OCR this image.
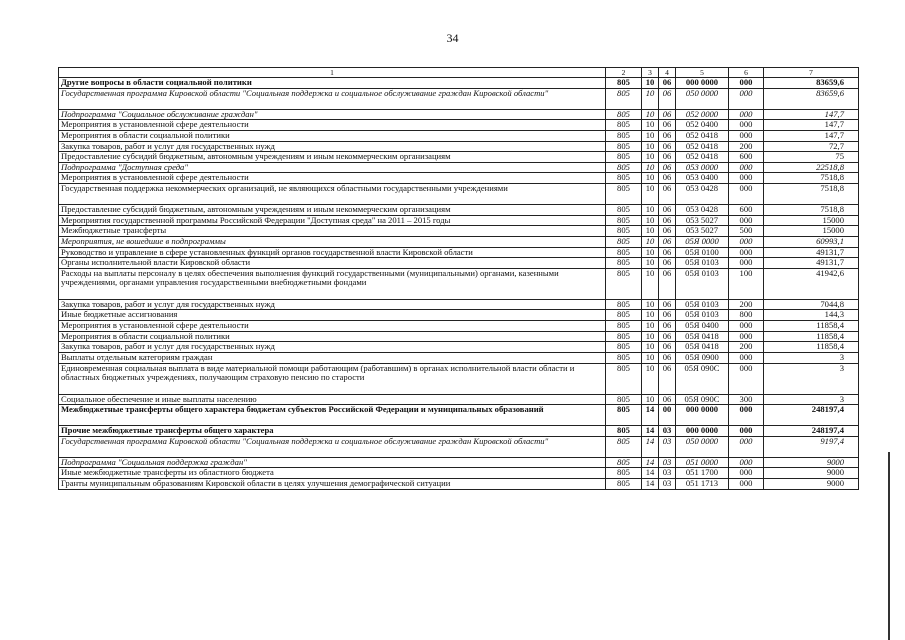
34
1	2	3	4	5	6	7
Другие вопросы в области социальной политики	805	10	06	000 0000	000	83659,6
Государственная программа Кировской области "Социальная поддержка и социальное обслуживание граждан Кировской области"	805	10	06	050 0000	000	83659,6
Подпрограмма "Социальное обслуживание граждан"	805	10	06	052 0000	000	147,7
Мероприятия в установленной сфере деятельности	805	10	06	052 0400	000	147,7
Мероприятия в области социальной политики	805	10	06	052 0418	000	147,7
Закупка товаров, работ и услуг для государственных нужд	805	10	06	052 0418	200	72,7
Предоставление субсидий бюджетным, автономным учреждениям и иным некоммерческим организациям	805	10	06	052 0418	600	75
Подпрограмма "Доступная среда"	805	10	06	053 0000	000	22518,8
Мероприятия в установленной сфере деятельности	805	10	06	053 0400	000	7518,8
Государственная поддержка некоммерческих организаций, не являющихся областными государственными учреждениями	805	10	06	053 0428	000	7518,8
Предоставление субсидий бюджетным, автономным учреждениям и иным некоммерческим организациям	805	10	06	053 0428	600	7518,8
Мероприятия государственной программы Российской Федерации "Доступная среда" на 2011 – 2015 годы	805	10	06	053 5027	000	15000
Межбюджетные трансферты	805	10	06	053 5027	500	15000
Мероприятия, не вошедшие в подпрограммы	805	10	06	05Я 0000	000	60993,1
Руководство и управление в сфере установленных функций органов государственной власти Кировской области	805	10	06	05Я 0100	000	49131,7
Органы исполнительной власти Кировской области	805	10	06	05Я 0103	000	49131,7
Расходы на выплаты персоналу в целях обеспечения выполнения функций государственными (муниципальными) органами, казенными учреждениями, органами управления государственными внебюджетными фондами	805	10	06	05Я 0103	100	41942,6
Закупка товаров, работ и услуг для государственных нужд	805	10	06	05Я 0103	200	7044,8
Иные бюджетные ассигнования	805	10	06	05Я 0103	800	144,3
Мероприятия в установленной сфере деятельности	805	10	06	05Я 0400	000	11858,4
Мероприятия в области социальной политики	805	10	06	05Я 0418	000	11858,4
Закупка товаров, работ и услуг для государственных нужд	805	10	06	05Я 0418	200	11858,4
Выплаты отдельным категориям граждан	805	10	06	05Я 0900	000	3
Единовременная социальная выплата в виде материальной помощи работающим (работавшим) в органах исполнительной власти области и областных бюджетных учреждениях, получающим страховую пенсию по старости	805	10	06	05Я 090С	000	3
Социальное обеспечение и иные выплаты населению	805	10	06	05Я 090С	300	3
Межбюджетные трансферты общего характера бюджетам субъектов Российской Федерации и муниципальных образований	805	14	00	000 0000	000	248197,4
Прочие межбюджетные трансферты общего характера	805	14	03	000 0000	000	248197,4
Государственная программа Кировской области "Социальная поддержка и социальное обслуживание граждан Кировской области"	805	14	03	050 0000	000	9197,4
Подпрограмма "Социальная поддержка граждан"	805	14	03	051 0000	000	9000
Иные межбюджетные трансферты из областного бюджета	805	14	03	051 1700	000	9000
Гранты муниципальным образованиям Кировской области в целях улучшения демографической ситуации	805	14	03	051 1713	000	9000
